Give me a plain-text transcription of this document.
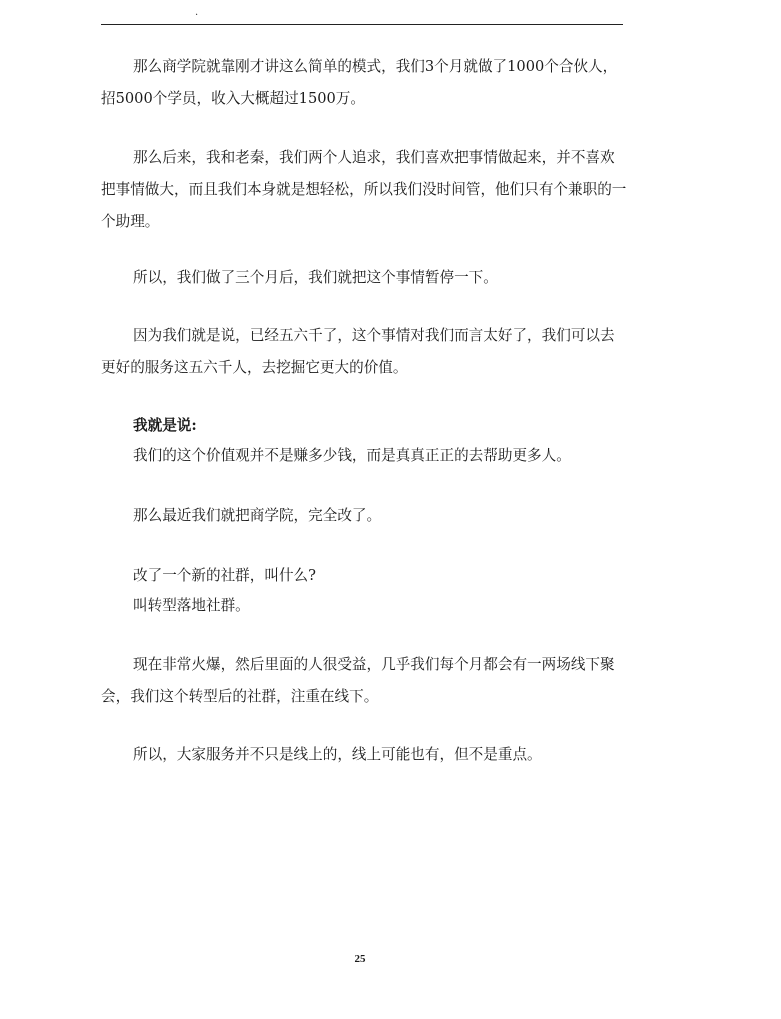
.

那么商学院就靠刚才讲这么简单的模式，我们3个月就做了1000个合伙人，招5000个学员，收入大概超过1500万。

那么后来，我和老秦，我们两个人追求，我们喜欢把事情做起来，并不喜欢把事情做大，而且我们本身就是想轻松，所以我们没时间管，他们只有个兼职的一个助理。

所以，我们做了三个月后，我们就把这个事情暂停一下。

因为我们就是说，已经五六千了，这个事情对我们而言太好了，我们可以去更好的服务这五六千人，去挖掘它更大的价值。

我就是说:

我们的这个价值观并不是赚多少钱，而是真真正正的去帮助更多人。

那么最近我们就把商学院，完全改了。

改了一个新的社群，叫什么?

叫转型落地社群。

现在非常火爆，然后里面的人很受益，几乎我们每个月都会有一两场线下聚会，我们这个转型后的社群，注重在线下。

所以，大家服务并不只是线上的，线上可能也有，但不是重点。

25
